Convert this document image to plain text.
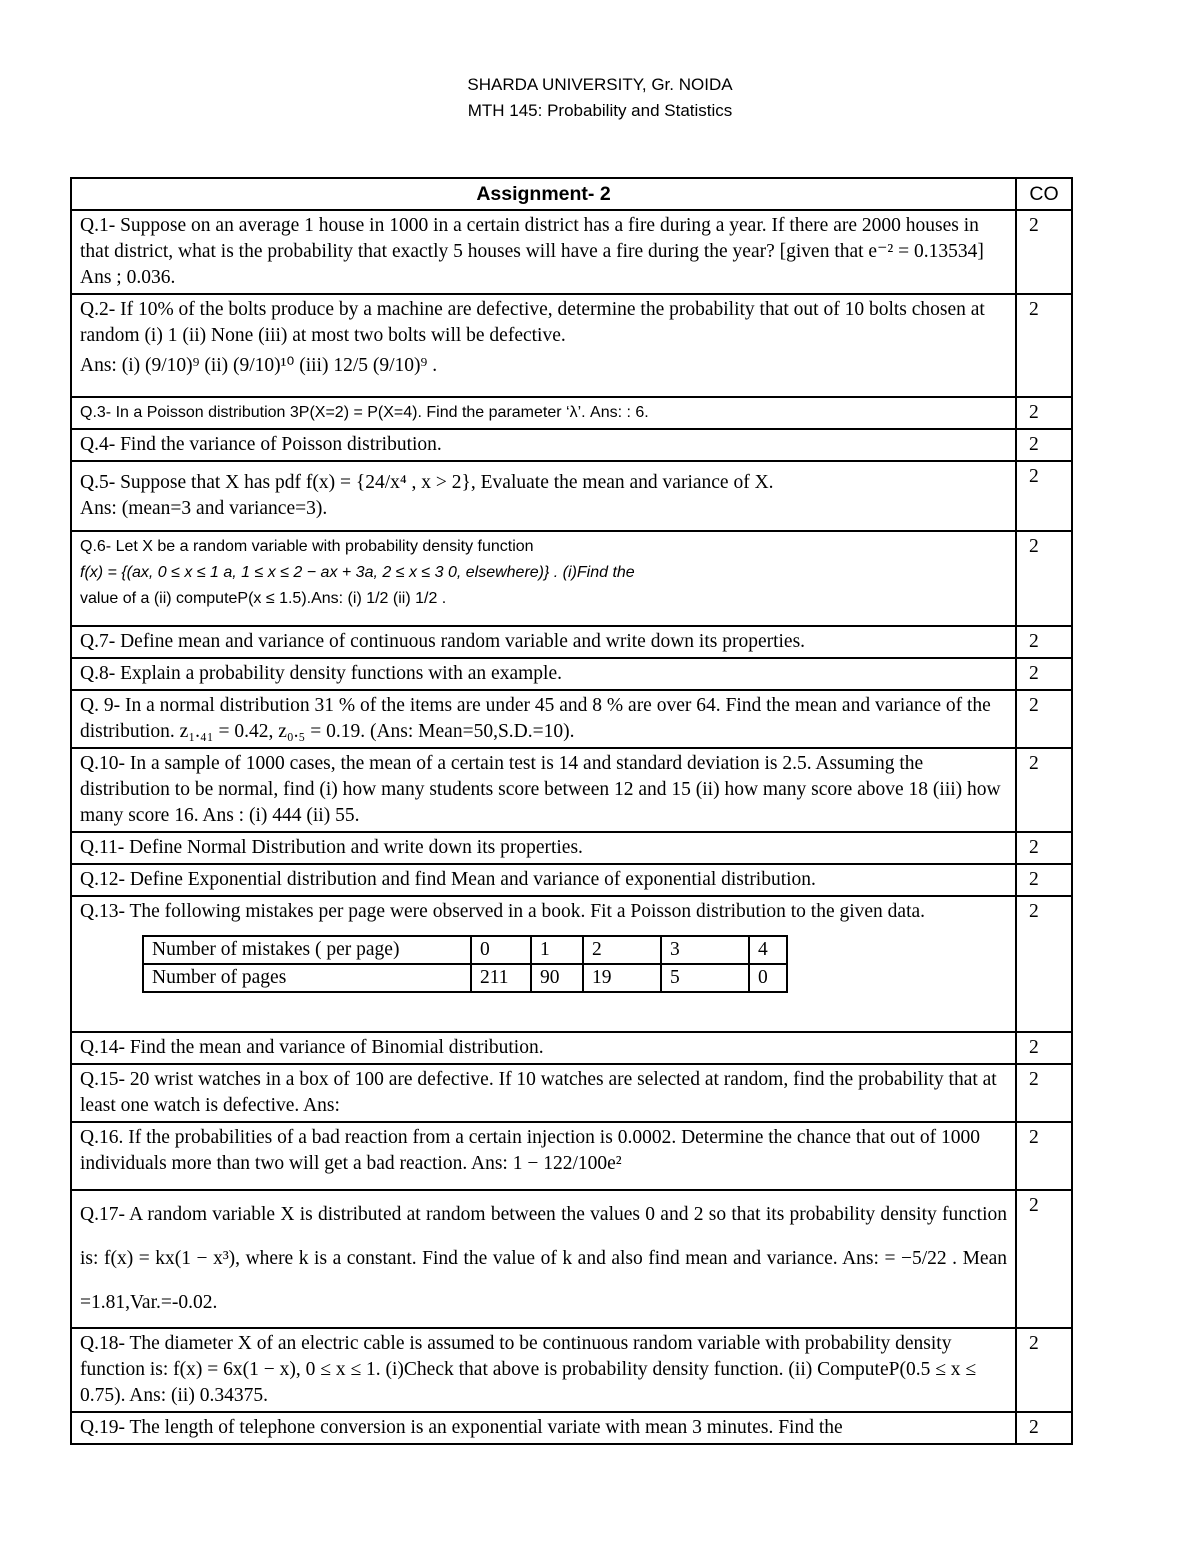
SHARDA UNIVERSITY, Gr. NOIDA
MTH 145: Probability and Statistics
Assignment- 2	CO
Q.1- Suppose on an average 1 house in 1000 in a certain district has a fire during a year. If there are 2000 houses in that district, what is the probability that exactly 5 houses will have a fire during the year? [given that e⁻² = 0.13534] Ans ; 0.036.	2

Q.2- If 10% of the bolts produce by a machine are defective, determine the probability that out of 10 bolts chosen at random (i) 1 (ii) None (iii) at most two bolts will be defective.
Ans: (i) (9/10)⁹ (ii) (9/10)¹⁰ (iii) 12/5 (9/10)⁹ .
	2
Q.3- In a Poisson distribution 3P(X=2) = P(X=4). Find the parameter ‘λ’. Ans: : 6.	2
Q.4- Find the variance of Poisson distribution.	2

Q.5- Suppose that X has pdf f(x) = {24/x⁴ , x > 2}, Evaluate the mean and variance of X.
Ans: (mean=3 and variance=3).
	2

Q.6- Let X be a random variable with probability density function
f(x) = {(ax, 0 ≤ x ≤ 1 a, 1 ≤ x ≤ 2 − ax + 3a, 2 ≤ x ≤ 3 0, elsewhere)} . (i)Find the
value of a (ii) computeP(x ≤ 1.5).Ans: (i) 1/2 (ii) 1/2 .
	2
Q.7- Define mean and variance of continuous random variable and write down its properties.	2
Q.8- Explain a probability density functions with an example.	2
Q. 9- In a normal distribution 31 % of the items are under 45 and 8 % are over 64. Find the mean and variance of the distribution. z₁.₄₁ = 0.42, z₀.₅ = 0.19. (Ans: Mean=50,S.D.=10).	2
Q.10- In a sample of 1000 cases, the mean of a certain test is 14 and standard deviation is 2.5. Assuming the distribution to be normal, find (i) how many students score between 12 and 15 (ii) how many score above 18 (iii) how many score 16. Ans : (i) 444 (ii) 55.	2
Q.11- Define Normal Distribution and write down its properties.	2
Q.12- Define Exponential distribution and find Mean and variance of exponential distribution.	2

Q.13- The following mistakes per page were observed in a book. Fit a Poisson distribution to the given data.
Number of mistakes ( per page)	0	1	2	3	4
Number of pages	211	90	19	5	0
	2
Q.14- Find the mean and variance of Binomial distribution.	2
Q.15- 20 wrist watches in a box of 100 are defective. If 10 watches are selected at random, find the probability that at least one watch is defective. Ans:	2
Q.16. If the probabilities of a bad reaction from a certain injection is 0.0002. Determine the chance that out of 1000 individuals more than two will get a bad reaction. Ans: 1 − 122/100e²	2
Q.17- A random variable X is distributed at random between the values 0 and 2 so that its probability density function is: f(x) = kx(1 − x³), where k is a constant. Find the value of k and also find mean and variance. Ans: = −5/22 . Mean =1.81,Var.=-0.02.	2
Q.18- The diameter X of an electric cable is assumed to be continuous random variable with probability density function is: f(x) = 6x(1 − x), 0 ≤ x ≤ 1. (i)Check that above is probability density function. (ii) ComputeP(0.5 ≤ x ≤ 0.75). Ans: (ii) 0.34375.	2
Q.19- The length of telephone conversion is an exponential variate with mean 3 minutes. Find the	2
